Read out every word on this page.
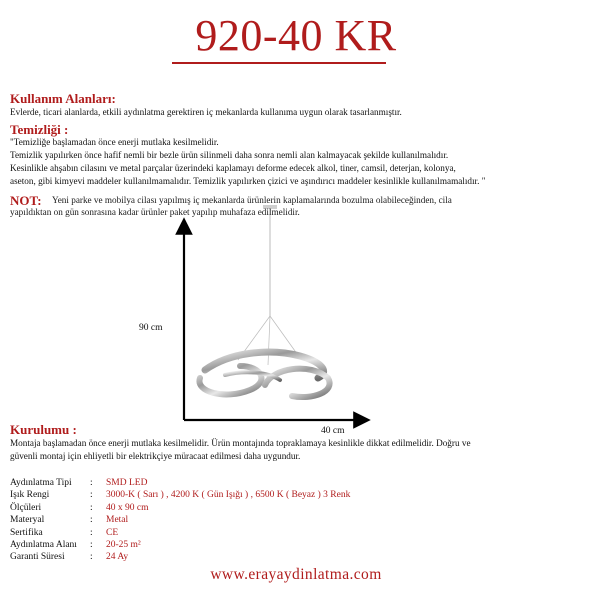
920-40 KR
90 cm
40 cm
Kullanım Alanları:

Evlerde, ticari alanlarda, etkili aydınlatma gerektiren iç mekanlarda kullanıma uygun olarak tasarlanmıştır.

Temizliği :

"Temizliğe başlamadan önce enerji mutlaka kesilmelidir.

Temizlik yapılırken önce hafif nemli bir bezle ürün silinmeli daha sonra nemli alan kalmayacak şekilde kullanılmalıdır.

Kesinlikle ahşabın cilasını ve metal parçalar üzerindeki kaplamayı deforme edecek alkol, tiner, camsil, deterjan, kolonya,

aseton, gibi kimyevi maddeler kullanılmamalıdır. Temizlik yapılırken çizici ve aşındırıcı maddeler kesinlikle kullanılmamalıdır. "

NOT:	Yeni parke ve mobilya cilası yapılmış iç mekanlarda ürünlerin kaplamalarında bozulma olabileceğinden, cila

yapıldıktan on gün sonrasına kadar ürünler paket yapılıp muhafaza edilmelidir.

Kurulumu :

Montaja başlamadan önce enerji mutlaka kesilmelidir. Ürün montajında topraklamaya kesinlikle dikkat edilmelidir. Doğru ve

güvenli montaj için ehliyetli bir elektrikçiye müracaat edilmesi daha uygundur.

Aydınlatma Tipi	:	SMD LED
Işık Rengi	:	3000-K ( Sarı ) , 4200 K ( Gün Işığı ) , 6500 K ( Beyaz ) 3 Renk
Ölçüleri	:	40 x 90 cm
Materyal	:	Metal
Sertifika	:	CE
Aydınlatma Alanı	:	20-25 m²
Garanti Süresi	:	24 Ay
www.erayaydinlatma.com
